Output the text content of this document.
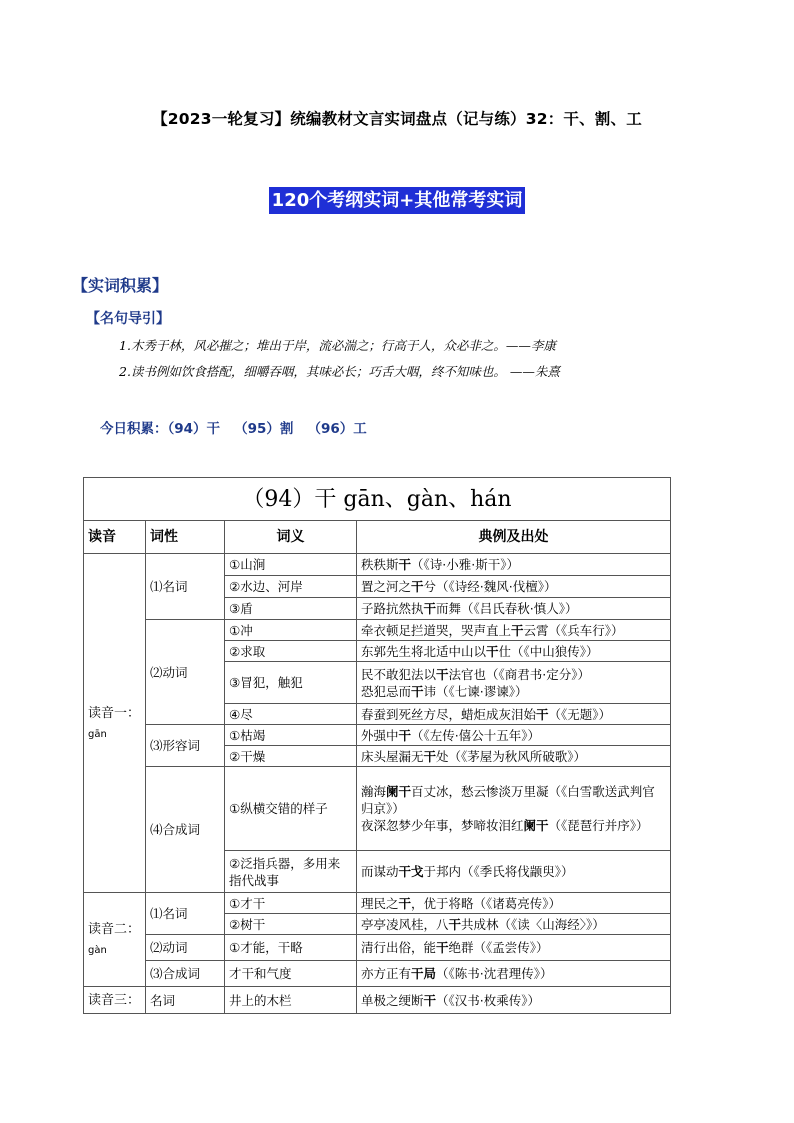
【2023一轮复习】统编教材文言实词盘点（记与练）32：干、割、工
120个考纲实词+其他常考实词
【实词积累】
【名句导引】
1.木秀于林，风必摧之；堆出于岸，流必湍之；行高于人，众必非之。——李康
2.读书例如饮食搭配，细嚼吞咽，其味必长；巧舌大咽，终不知味也。 ——朱熹
今日积累：（94）干   （95）割   （96）工
（94）干 gān、gàn、hán			
读音	词性	词义	典例及出处
读音一：
gān	⑴名词	①山涧	秩秩斯干（《诗·小雅·斯干》）
		②水边、河岸	置之河之干兮（《诗经·魏风·伐檀》）
		③盾	子路抗然执干而舞（《吕氏春秋·慎人》）
	⑵动词	①冲	牵衣顿足拦道哭，哭声直上干云霄（《兵车行》）
		②求取	东郭先生将北适中山以干仕（《中山狼传》）
		③冒犯，触犯	民不敢犯法以干法官也（《商君书·定分》）
恐犯忌而干讳（《七谏·谬谏》）

		④尽	春蚕到死丝方尽，蜡炬成灰泪始干（《无题》）
	⑶形容词	①枯竭	外强中干（《左传·僖公十五年》）
		②干燥	床头屋漏无干处（《茅屋为秋风所破歌》）
	⑷合成词	①纵横交错的样子	瀚海阑干百丈冰，愁云惨淡万里凝（《白雪歌送武判官归京》）
夜深忽梦少年事，梦啼妆泪红阑干（《琵琶行并序》）

		②泛指兵器，多用来指代战事	而谋动干戈于邦内（《季氏将伐颛臾》）
读音二：
gàn	⑴名词	①才干	理民之干，优于将略（《诸葛亮传》）
		②树干	亭亭凌风桂，八干共成林（《读〈山海经〉》）
	⑵动词	①才能，干略	清行出俗，能干绝群（《孟尝传》）
	⑶合成词	才干和气度	亦方正有干局（《陈书·沈君理传》）
读音三：	名词	井上的木栏	单极之绠断干（《汉书·枚乘传》）
